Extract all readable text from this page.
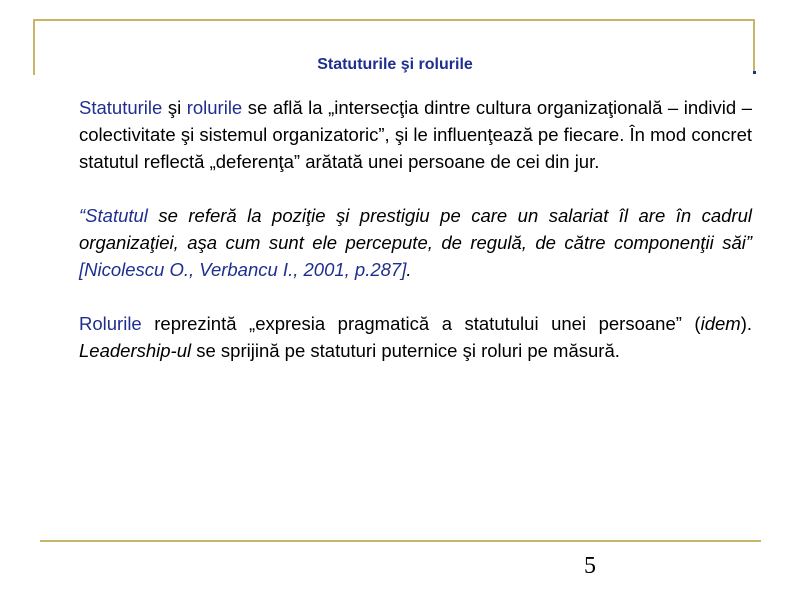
Statuturile şi rolurile

Statuturile şi rolurile se află la „intersecţia dintre cultura organizaţională – individ – colectivitate şi sistemul organizatoric”, şi le influenţează pe fiecare. În mod concret statutul reflectă „deferenţa” arătată unei persoane de cei din jur.

“Statutul se referă la poziţie şi prestigiu pe care un salariat îl are în cadrul organizaţiei, aşa cum sunt ele percepute, de regulă, de către componenţii săi” [Nicolescu O., Verbancu I., 2001, p.287].

Rolurile reprezintă „expresia pragmatică a statutului unei persoane” (idem). Leadership-ul se sprijină pe statuturi puternice şi roluri pe măsură.

5
